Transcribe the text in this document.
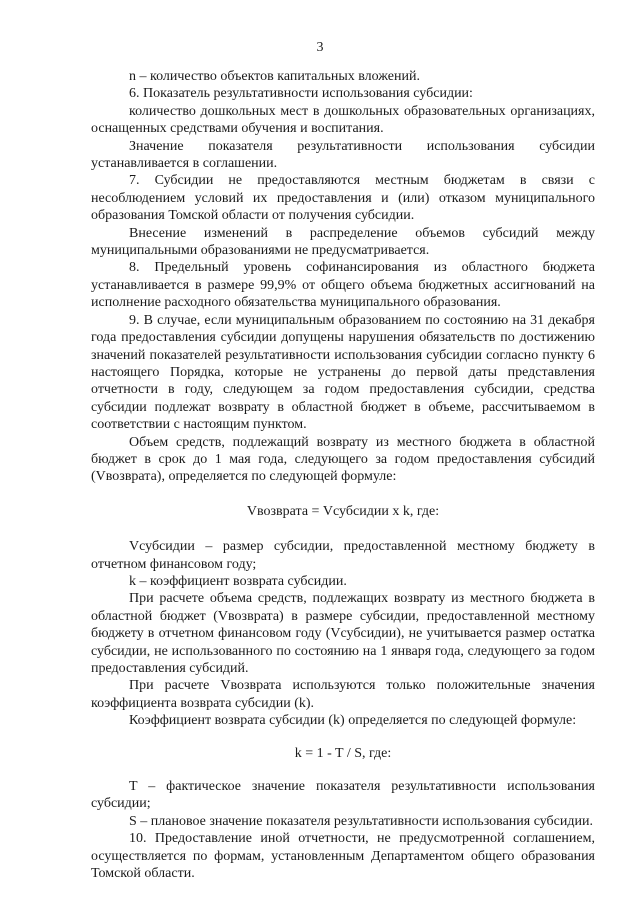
3

n – количество объектов капитальных вложений.

6. Показатель результативности использования субсидии:

количество дошкольных мест в дошкольных образовательных организациях, оснащенных средствами обучения и воспитания.

Значение показателя результативности использования субсидии устанавливается в соглашении.

7. Субсидии не предоставляются местным бюджетам в связи с несоблюдением условий их предоставления и (или) отказом муниципального образования Томской области от получения субсидии.

Внесение изменений в распределение объемов субсидий между муниципальными образованиями не предусматривается.

8. Предельный уровень софинансирования из областного бюджета устанавливается в размере 99,9% от общего объема бюджетных ассигнований на исполнение расходного обязательства муниципального образования.

9. В случае, если муниципальным образованием по состоянию на 31 декабря года предоставления субсидии допущены нарушения обязательств по достижению значений показателей результативности использования субсидии согласно пункту 6 настоящего Порядка, которые не устранены до первой даты представления отчетности в году, следующем за годом предоставления субсидии, средства субсидии подлежат возврату в областной бюджет в объеме, рассчитываемом в соответствии с настоящим пунктом.

Объем средств, подлежащий возврату из местного бюджета в областной бюджет в срок до 1 мая года, следующего за годом предоставления субсидий (Vвозврата), определяется по следующей формуле:

Vвозврата = Vсубсидии x k, где:

Vсубсидии – размер субсидии, предоставленной местному бюджету в отчетном финансовом году;

k – коэффициент возврата субсидии.

При расчете объема средств, подлежащих возврату из местного бюджета в областной бюджет (Vвозврата) в размере субсидии, предоставленной местному бюджету в отчетном финансовом году (Vсубсидии), не учитывается размер остатка субсидии, не использованного по состоянию на 1 января года, следующего за годом предоставления субсидий.

При расчете Vвозврата используются только положительные значения коэффициента возврата субсидии (k).

Коэффициент возврата субсидии (k) определяется по следующей формуле:

k = 1 - T / S, где:

T – фактическое значение показателя результативности использования субсидии;

S – плановое значение показателя результативности использования субсидии.

10. Предоставление иной отчетности, не предусмотренной соглашением, осуществляется по формам, установленным Департаментом общего образования Томской области.
